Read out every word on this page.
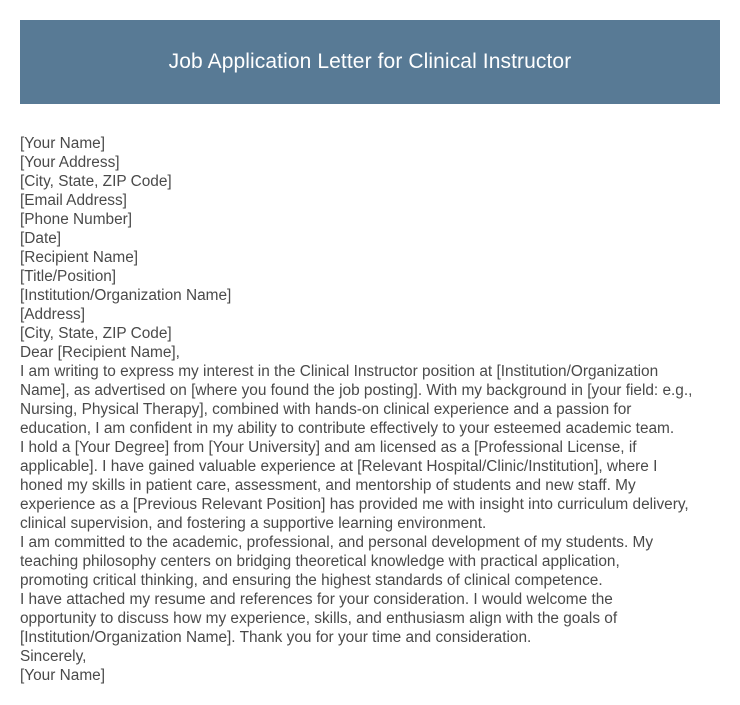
Job Application Letter for Clinical Instructor
[Your Name]
[Your Address]
[City, State, ZIP Code]
[Email Address]
[Phone Number]
[Date]
[Recipient Name]
[Title/Position]
[Institution/Organization Name]
[Address]
[City, State, ZIP Code]
Dear [Recipient Name],
I am writing to express my interest in the Clinical Instructor position at [Institution/Organization
Name], as advertised on [where you found the job posting]. With my background in [your field: e.g.,
Nursing, Physical Therapy], combined with hands-on clinical experience and a passion for
education, I am confident in my ability to contribute effectively to your esteemed academic team.
I hold a [Your Degree] from [Your University] and am licensed as a [Professional License, if
applicable]. I have gained valuable experience at [Relevant Hospital/Clinic/Institution], where I
honed my skills in patient care, assessment, and mentorship of students and new staff. My
experience as a [Previous Relevant Position] has provided me with insight into curriculum delivery,
clinical supervision, and fostering a supportive learning environment.
I am committed to the academic, professional, and personal development of my students. My
teaching philosophy centers on bridging theoretical knowledge with practical application,
promoting critical thinking, and ensuring the highest standards of clinical competence.
I have attached my resume and references for your consideration. I would welcome the
opportunity to discuss how my experience, skills, and enthusiasm align with the goals of
[Institution/Organization Name]. Thank you for your time and consideration.
Sincerely,
[Your Name]
